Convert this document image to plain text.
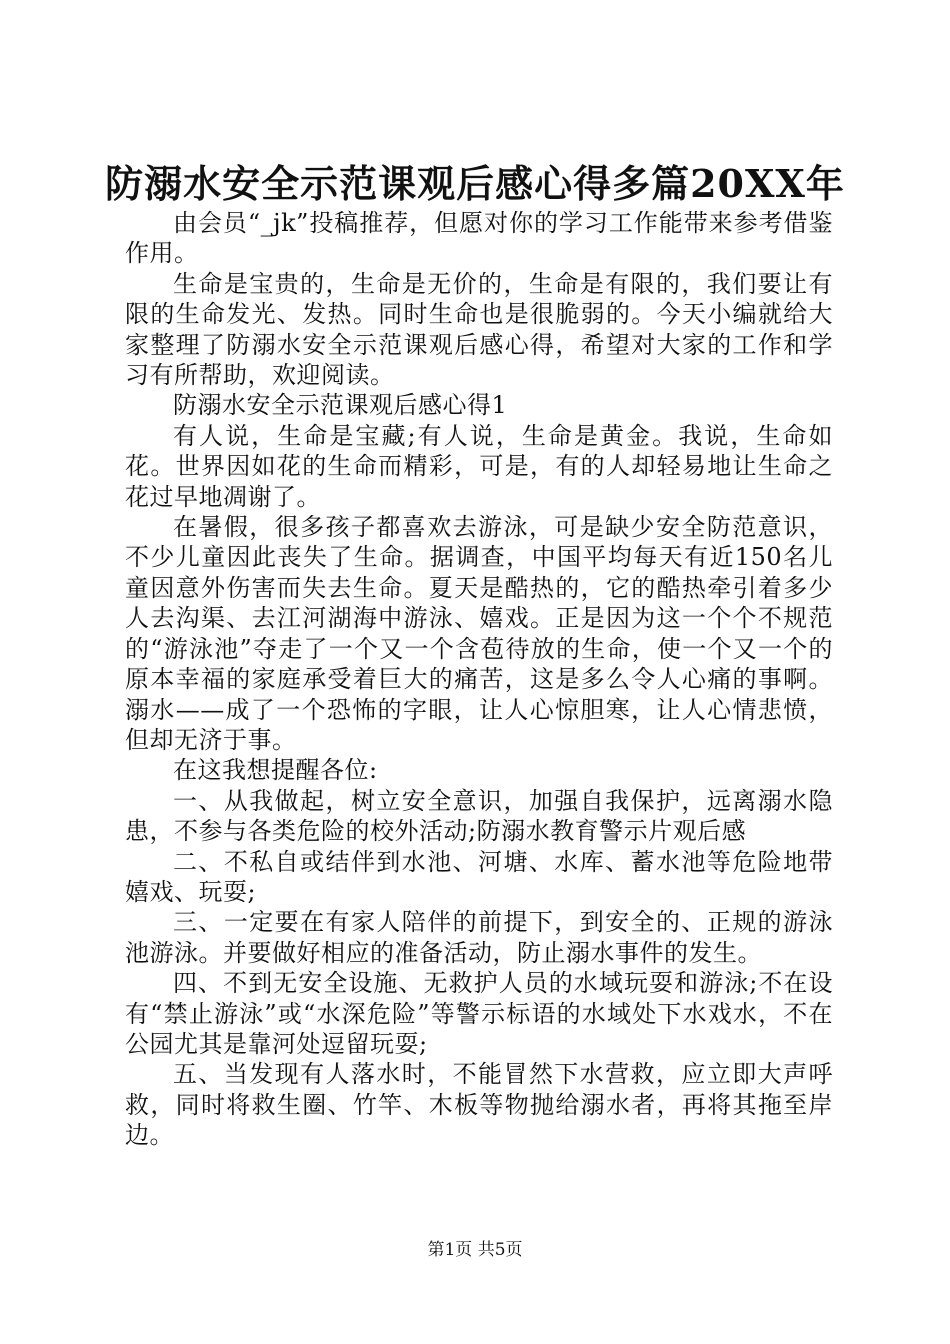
防溺水安全示范课观后感心得多篇20XX年

由会员“_jk”投稿推荐，但愿对你的学习工作能带来参考借鉴作用。

生命是宝贵的，生命是无价的，生命是有限的，我们要让有限的生命发光、发热。同时生命也是很脆弱的。今天小编就给大家整理了防溺水安全示范课观后感心得，希望对大家的工作和学习有所帮助，欢迎阅读。

防溺水安全示范课观后感心得1

有人说，生命是宝藏;有人说，生命是黄金。我说，生命如花。世界因如花的生命而精彩，可是，有的人却轻易地让生命之花过早地凋谢了。

在暑假，很多孩子都喜欢去游泳，可是缺少安全防范意识，不少儿童因此丧失了生命。据调查，中国平均每天有近150名儿童因意外伤害而失去生命。夏天是酷热的，它的酷热牵引着多少人去沟渠、去江河湖海中游泳、嬉戏。正是因为这一个个不规范的“游泳池”夺走了一个又一个含苞待放的生命，使一个又一个的原本幸福的家庭承受着巨大的痛苦，这是多么令人心痛的事啊。溺水——成了一个恐怖的字眼，让人心惊胆寒，让人心情悲愤，但却无济于事。

在这我想提醒各位:

一、从我做起，树立安全意识，加强自我保护，远离溺水隐患，不参与各类危险的校外活动;防溺水教育警示片观后感

二、不私自或结伴到水池、河塘、水库、蓄水池等危险地带嬉戏、玩耍;

三、一定要在有家人陪伴的前提下，到安全的、正规的游泳池游泳。并要做好相应的准备活动，防止溺水事件的发生。

四、不到无安全设施、无救护人员的水域玩耍和游泳;不在设有“禁止游泳”或“水深危险”等警示标语的水域处下水戏水，不在公园尤其是靠河处逗留玩耍;

五、当发现有人落水时，不能冒然下水营救，应立即大声呼救，同时将救生圈、竹竿、木板等物抛给溺水者，再将其拖至岸边。

第1页 共5页
